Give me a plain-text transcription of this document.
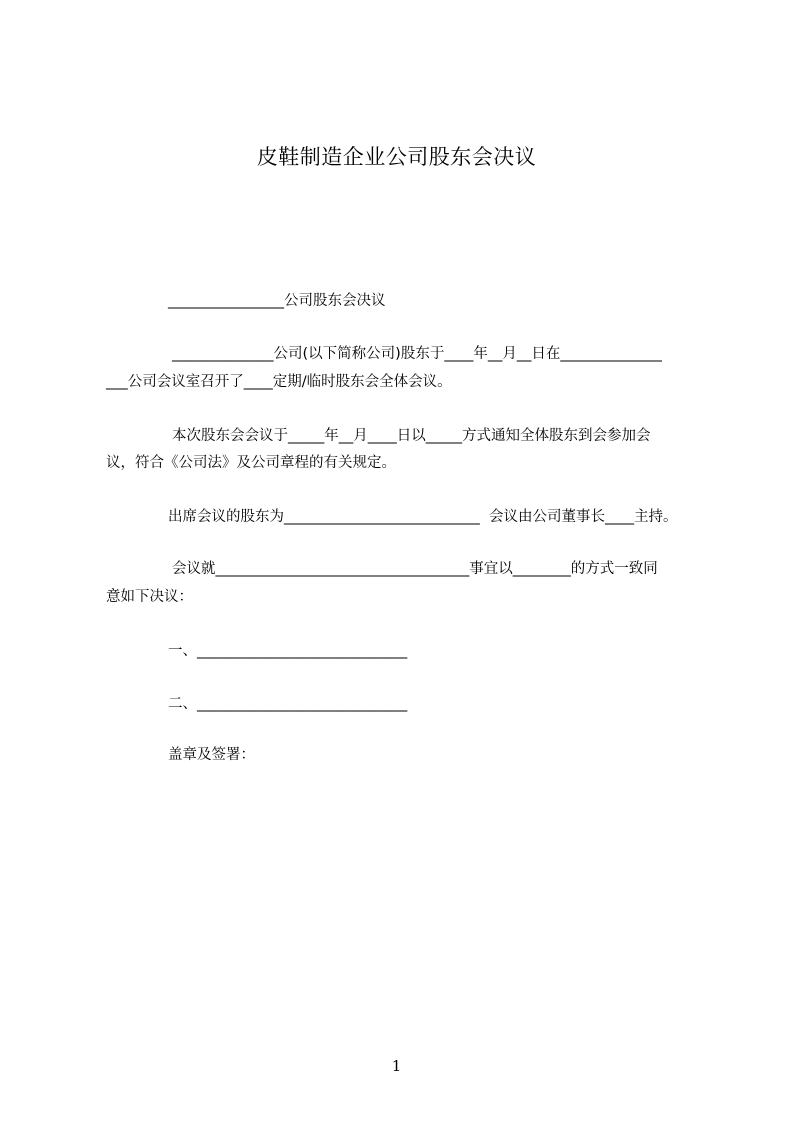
皮鞋制造企业公司股东会决议
________________公司股东会决议
______________公司(以下简称公司)股东于____年__月__日在______________
___公司会议室召开了____定期/临时股东会全体会议。
本次股东会会议于_____年__月____日以_____方式通知全体股东到会参加会
议，符合《公司法》及公司章程的有关规定。
出席会议的股东为___________________________  会议由公司董事长____主持。
会议就___________________________________事宜以________的方式一致同
意如下决议：
一、_____________________________
二、_____________________________
盖章及签署：
1
